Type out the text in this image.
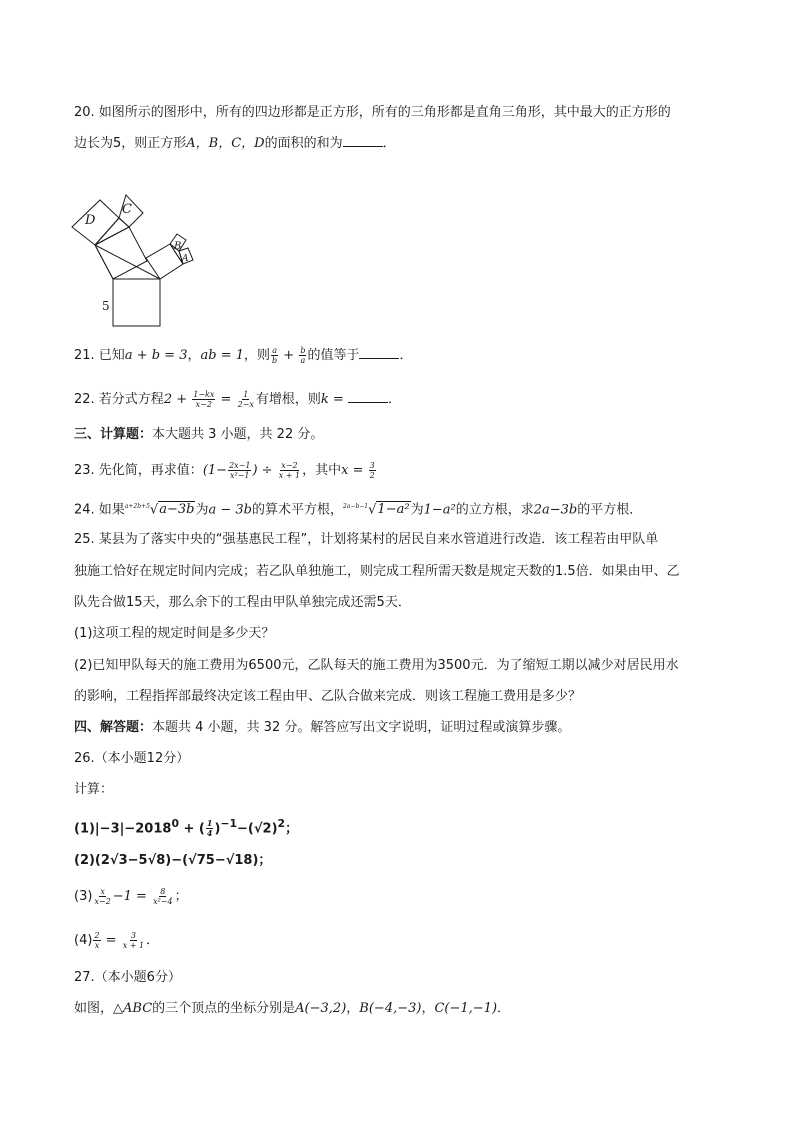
20. 如图所示的图形中，所有的四边形都是正方形，所有的三角形都是直角三角形，其中最大的正方形的
边长为5，则正方形A，B，C，D的面积的和为	．
D
C
B
A
5
21. 已知a + b = 3，ab = 1，则 $\frac{a}{b} + \frac{b}{a}$ 的值等于	．
22. 若分式方程$2 + \frac{1-kx}{x-2} = \frac{1}{2-x}$ 有增根，则k =	．
三、计算题：本大题共 3 小题，共 22 分。
23. 先化简，再求值：($1- \frac{2x-1}{\text{x²−1}}$ ) ÷ $\frac{x-2}{x + 1}$ ，其中$x = \frac{3}{2}$
24. 如果$^{a+2b+5}$√a−3b为a − 3b的算术平方根，$^{2a-b-1}$√1−a²为1−a²的立方根，求2a−3b的平方根．
25. 某县为了落实中央的“强基惠民工程”，计划将某村的居民自来水管道进行改造．该工程若由甲队单
独施工恰好在规定时间内完成；若乙队单独施工，则完成工程所需天数是规定天数的1.5倍．如果由甲、乙
队先合做15天，那么余下的工程由甲队单独完成还需5天．
(1)这项工程的规定时间是多少天？
(2)已知甲队每天的施工费用为6500元，乙队每天的施工费用为3500元．为了缩短工期以减少对居民用水
的影响，工程指挥部最终决定该工程由甲、乙队合做来完成．则该工程施工费用是多少？
四、解答题：本题共 4 小题，共 32 分。解答应写出文字说明，证明过程或演算步骤。
26.（本小题12分）
计算：
$(1)|-3|-2018^0$ + ( $\frac{1}{4} )^{-1}-(√2)^2$；
(2)(2√3−5√8)−(√75−√18)；
$(3) \frac{x}{x-2} -1 = \frac{8}{\text{x²−4}}$ ；
$(4) \frac{2}{x} = \frac{3}{x + 1}$ ．
27.（本小题6分）
如图，△ABC的三个顶点的坐标分别是A(−3,2)，B(−4,−3)，C(−1,−1)．
